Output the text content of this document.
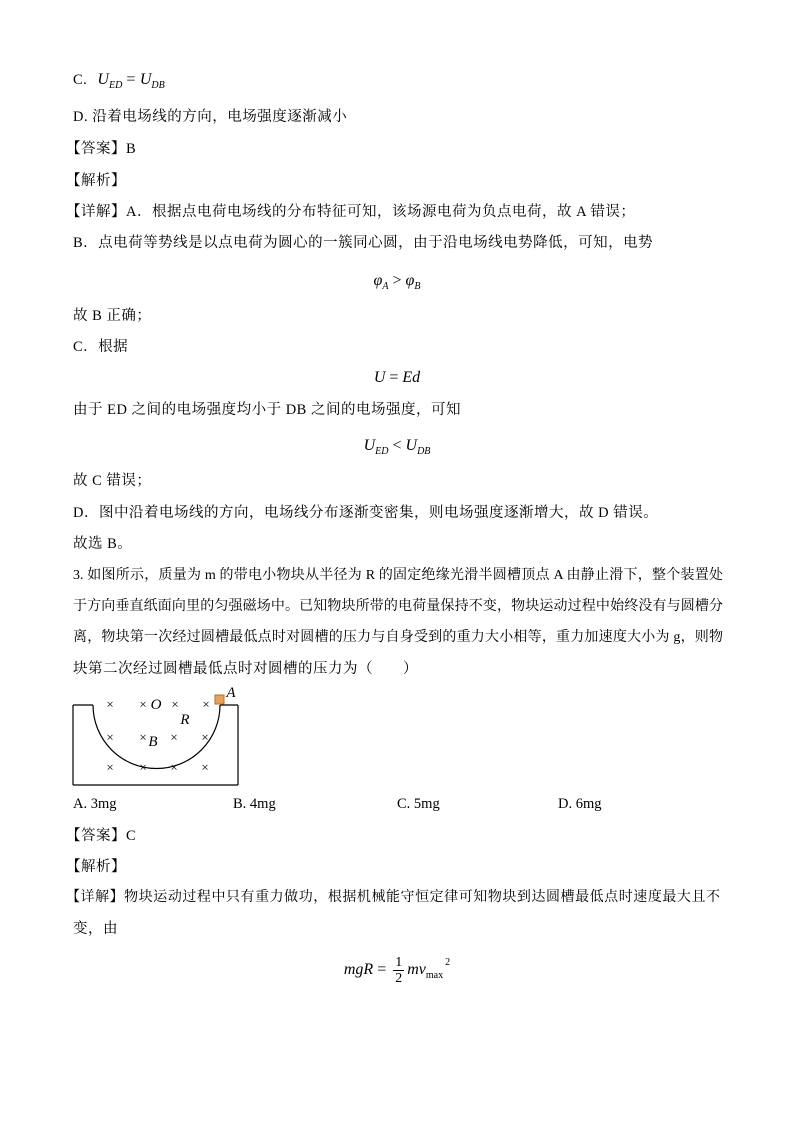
C. $U_{ED} = U_{DB}$
D. 沿着电场线的方向，电场强度逐渐减小
【答案】B
【解析】
【详解】A．根据点电荷电场线的分布特征可知，该场源电荷为负点电荷，故 A 错误；
B．点电荷等势线是以点电荷为圆心的一簇同心圆，由于沿电场线电势降低，可知，电势
$\varphi_A > \varphi_B$
故 B 正确；
C．根据
U = Ed
由于 ED 之间的电场强度均小于 DB 之间的电场强度，可知
$U_{ED} < U_{DB}$
故 C 错误；
D．图中沿着电场线的方向，电场线分布逐渐变密集，则电场强度逐渐增大，故 D 错误。
故选 B。
3. 如图所示，质量为 m 的带电小物块从半径为 R 的固定绝缘光滑半圆槽顶点 A 由静止滑下，整个装置处
于方向垂直纸面向里的匀强磁场中。已知物块所带的电荷量保持不变，物块运动过程中始终没有与圆槽分
离，物块第一次经过圆槽最低点时对圆槽的压力与自身受到的重力大小相等，重力加速度大小为 g，则物
块第二次经过圆槽最低点时对圆槽的压力为（　　）
A
O
R
B
× × × ×
× × × ×
× × × ×
A. 3mg	B. 4mg	C. 5mg	D. 6mg
【答案】C
【解析】
【详解】物块运动过程中只有重力做功，根据机械能守恒定律可知物块到达圆槽最低点时速度最大且不
变，由
mgR = $\frac{1}{2} mv_{max}^2$
